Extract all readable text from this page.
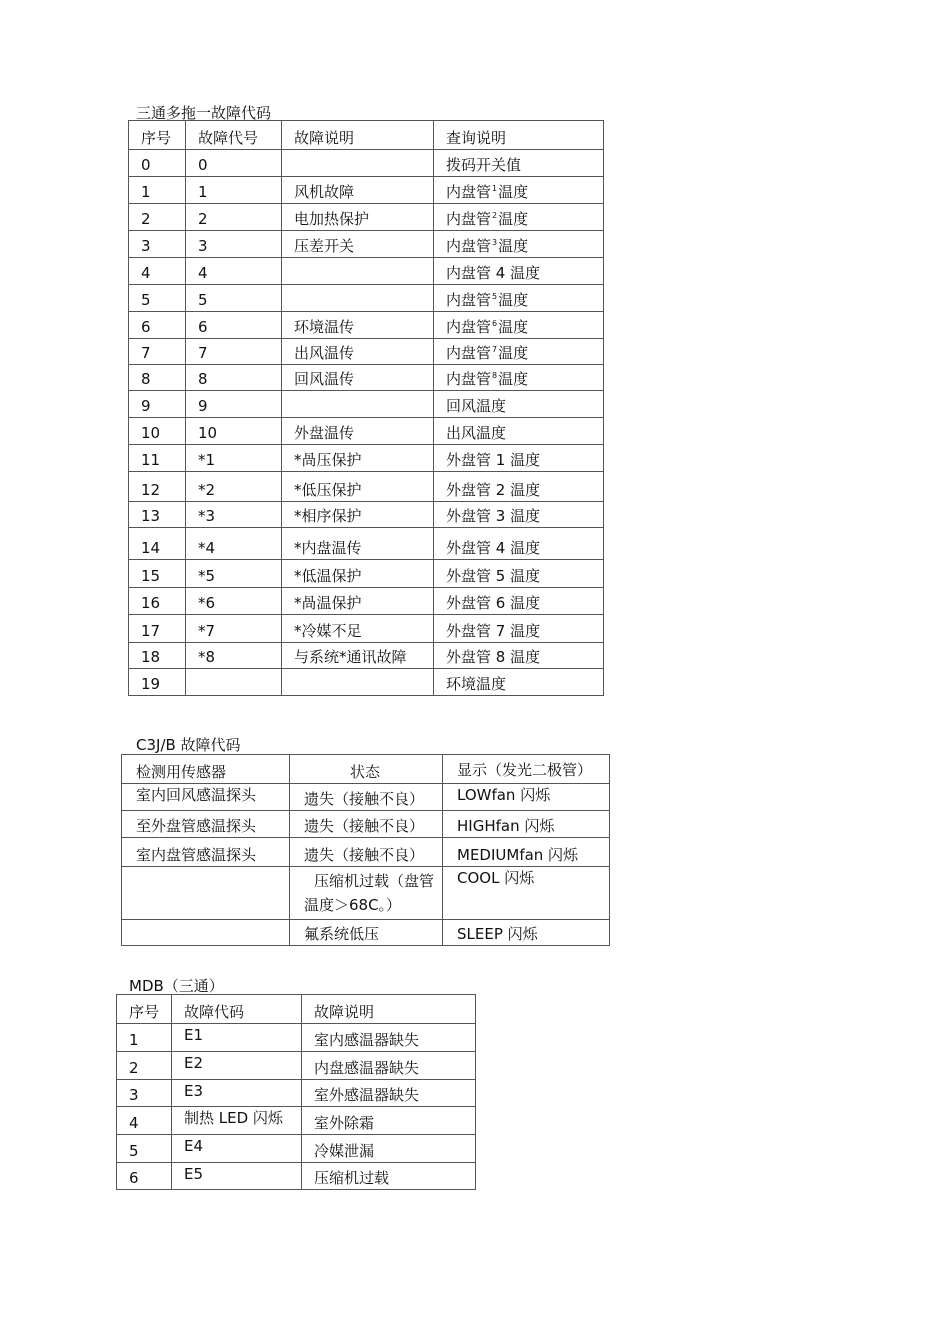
三通多拖一故障代码
序号	故障代号	故障说明	查询说明
0	0		拨码开关值
1	1	风机故障	内盘管$^1$温度
2	2	电加热保护	内盘管$^2$温度
3	3	压差开关	内盘管$^3$温度
4	4		内盘管 4 温度
5	5		内盘管$^5$温度
6	6	环境温传	内盘管$^6$温度
7	7	出风温传	内盘管$^7$温度
8	8	回风温传	内盘管$^8$温度
9	9		回风温度
10	10	外盘温传	出风温度
11	*1	*咼压保护	外盘管 1 温度
12	*2	*低压保护	外盘管 2 温度
13	*3	*相序保护	外盘管 3 温度
14	*4	*内盘温传	外盘管 4 温度
15	*5	*低温保护	外盘管 5 温度
16	*6	*咼温保护	外盘管 6 温度
17	*7	*冷媒不足	外盘管 7 温度
18	*8	与系统*通讯故障	外盘管 8 温度
19			环境温度
C3J/B 故障代码
检测用传感器	状态	显示（发光二极管）

室内回风感温探头	遗失（接触不良）	LOWfan 闪烁
至外盘管感温探头	遗失（接触不良）	HIGHfan 闪烁
室内盘管感温探头	遗失（接触不良）	MEDIUMfan 闪烁
	压缩机过载（盘管温度＞68C。）	COOL 闪烁
	氟系统低压	SLEEP 闪烁
MDB（三通）
序号	故障代码	故障说明
1	E1	室内感温器缺失
2	E2	内盘感温器缺失
3	E3	室外感温器缺失
4	制热 LED 闪烁	室外除霜
5	E4	冷媒泄漏
6	E5	压缩机过载
